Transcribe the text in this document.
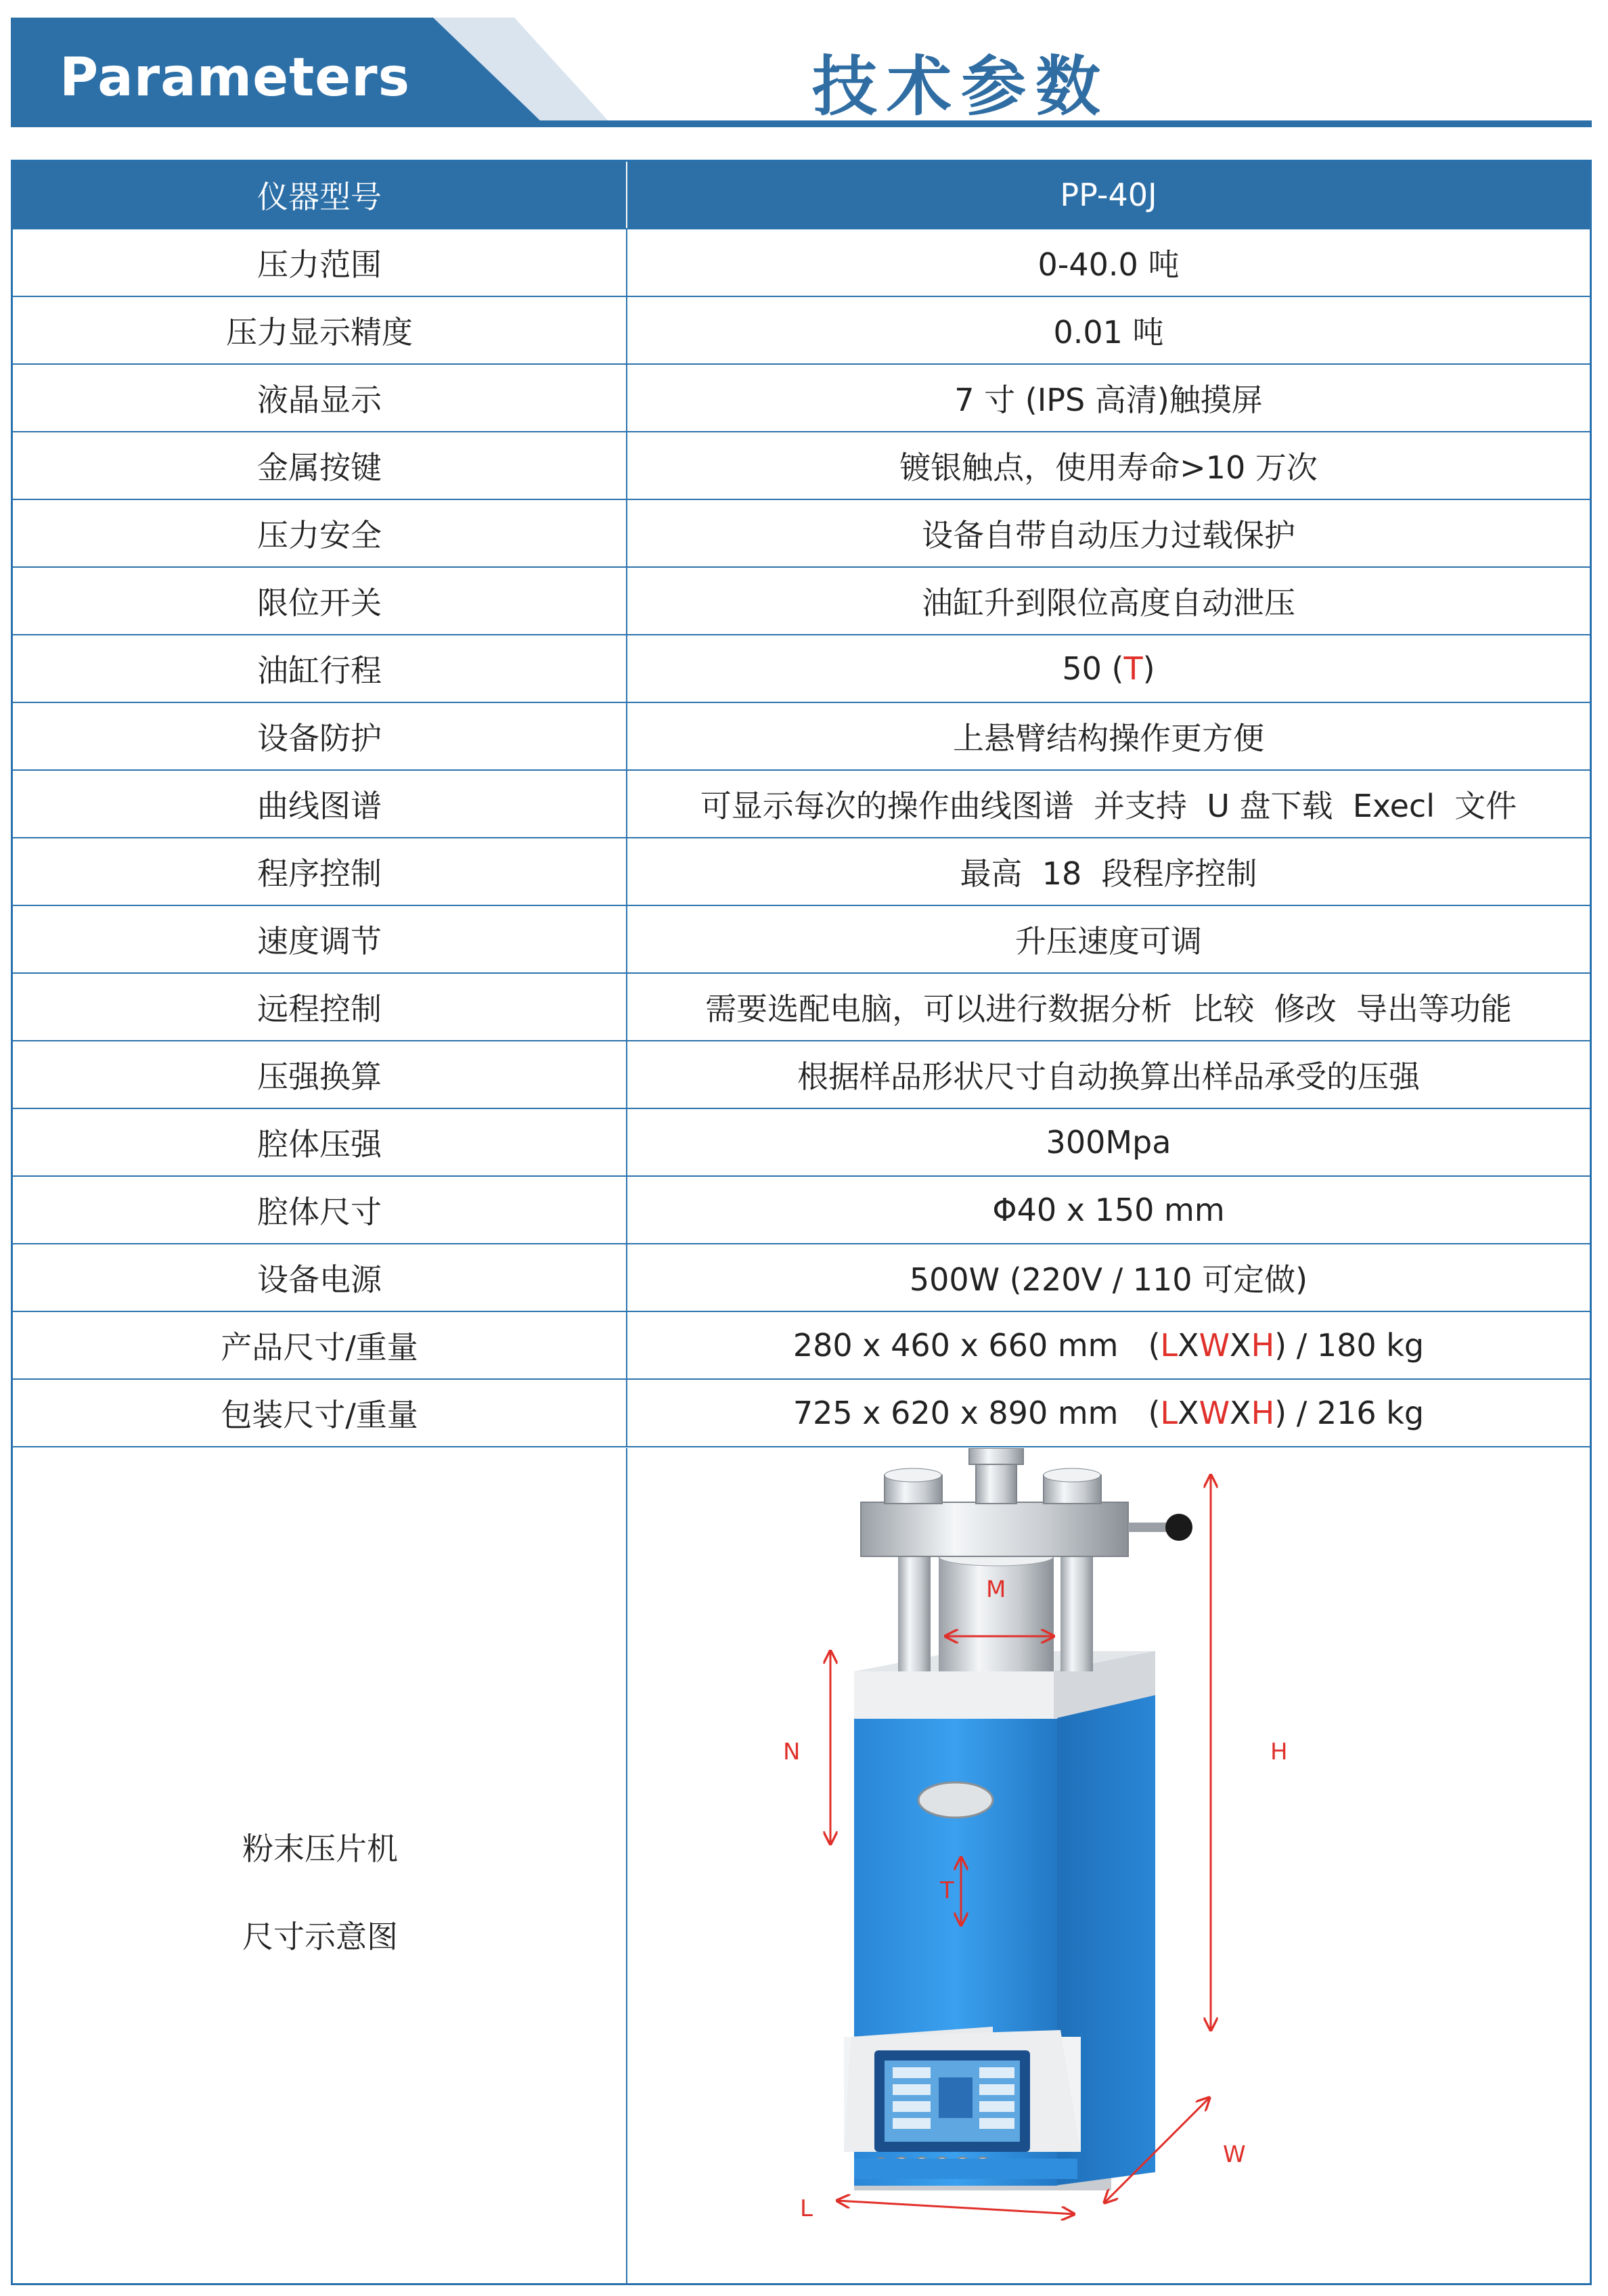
Parameters	技术参数
仪器型号	PP-40J
压力范围	0-40.0 吨
压力显示精度	0.01 吨
液晶显示	7 寸 (IPS 高清)触摸屏
金属按键	镀银触点，使用寿命>10 万次
压力安全	设备自带自动压力过载保护
限位开关	油缸升到限位高度自动泄压
油缸行程	50 ( T )
设备防护	上悬臂结构操作更方便
曲线图谱	可显示每次的操作曲线图谱  并支持  U 盘下载  Execl  文件
程序控制	最高  18  段程序控制
速度调节	升压速度可调
远程控制	需要选配电脑，可以进行数据分析  比较  修改  导出等功能
压强换算	根据样品形状尺寸自动换算出样品承受的压强
腔体压强	300Mpa
腔体尺寸	Φ40 x 150 mm
设备电源	500W (220V / 110 可定做)
产品尺寸/重量	280 x 460 x 660 mm ( L X W X H ) / 180 kg
包装尺寸/重量	725 x 620 x 890 mm ( L X W X H ) / 216 kg
粉末压片机
尺寸示意图
M
N
T
H
W
L
